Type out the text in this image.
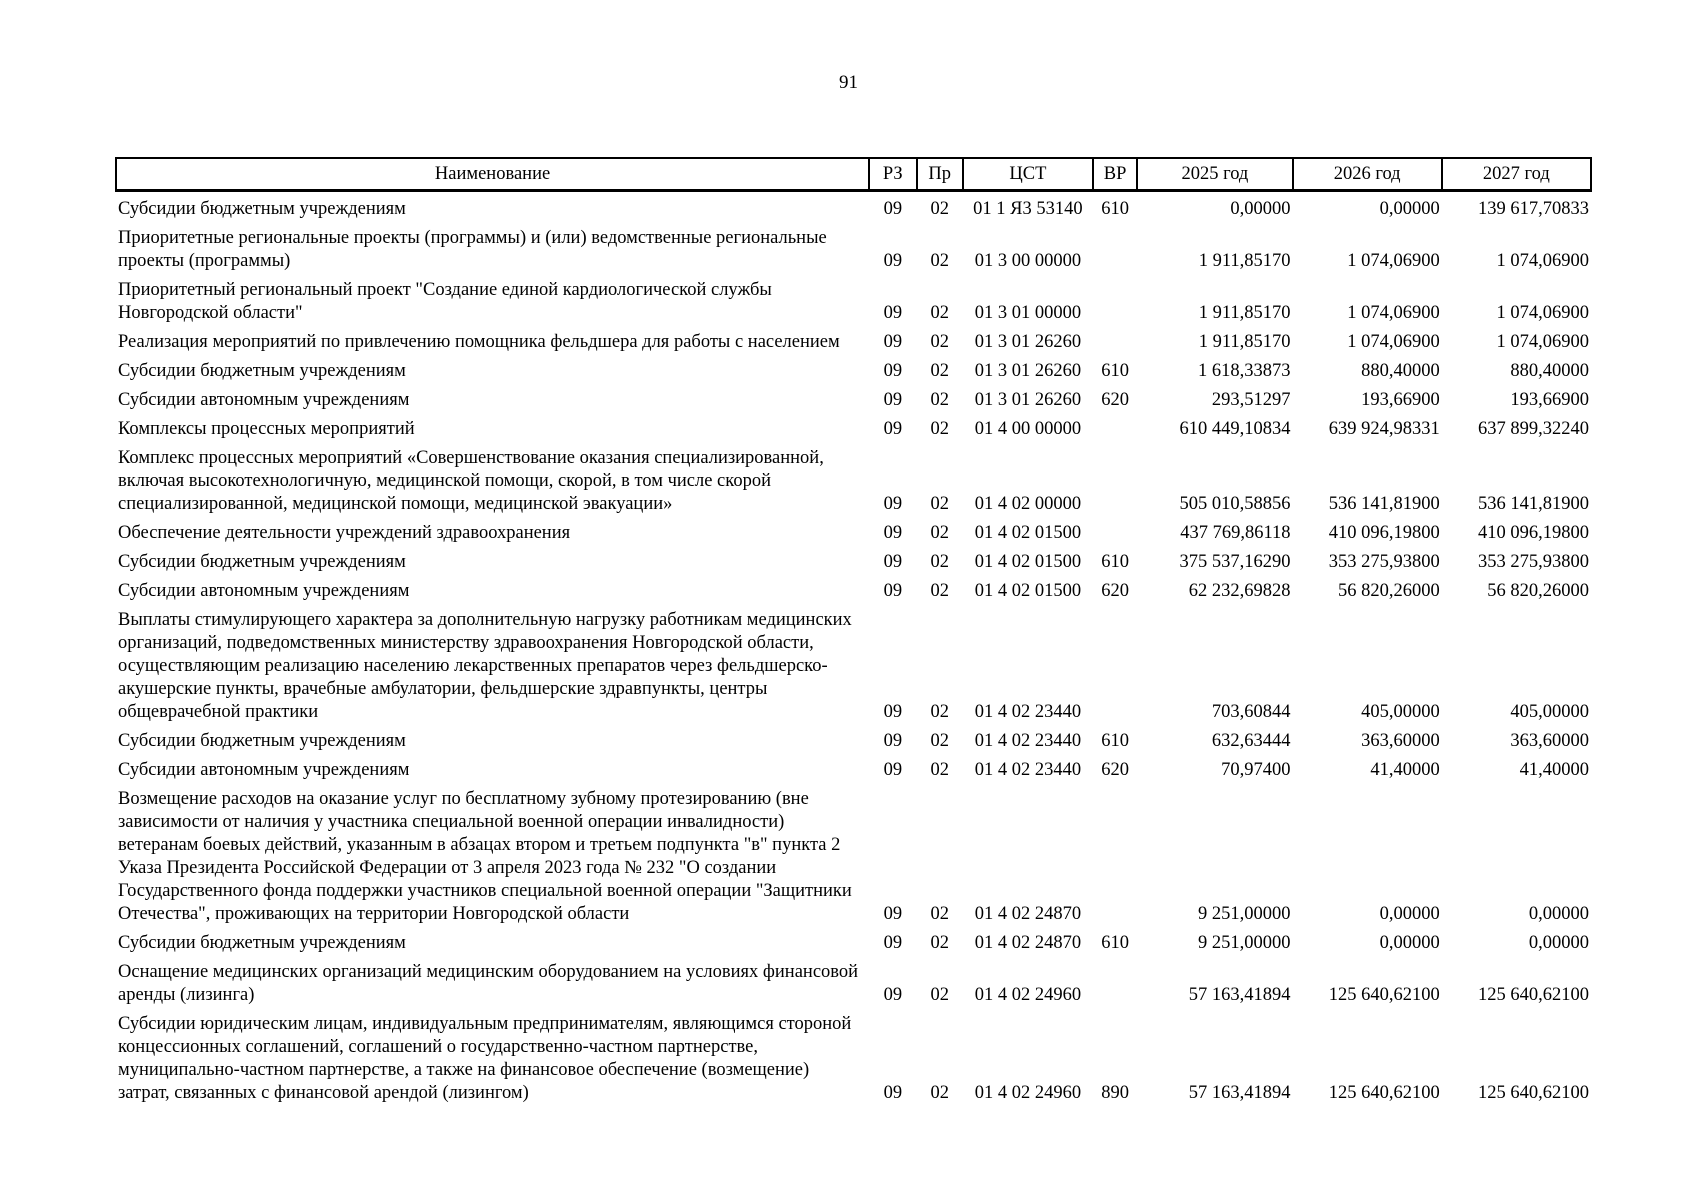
91
Наименование	РЗ	Пр	ЦСТ	ВР	2025 год	2026 год	2027 год
Субсидии бюджетным учреждениям	09	02	01 1 Я3 53140	610	0,00000	0,00000	139 617,70833
Приоритетные региональные проекты (программы) и (или) ведомственные региональные проекты (программы)	09	02	01 3 00 00000		1 911,85170	1 074,06900	1 074,06900
Приоритетный региональный проект "Создание единой кардиологической службы Новгородской области"	09	02	01 3 01 00000		1 911,85170	1 074,06900	1 074,06900
Реализация мероприятий по привлечению помощника фельдшера для работы с населением	09	02	01 3 01 26260		1 911,85170	1 074,06900	1 074,06900
Субсидии бюджетным учреждениям	09	02	01 3 01 26260	610	1 618,33873	880,40000	880,40000
Субсидии автономным учреждениям	09	02	01 3 01 26260	620	293,51297	193,66900	193,66900
Комплексы процессных мероприятий	09	02	01 4 00 00000		610 449,10834	639 924,98331	637 899,32240
Комплекс процессных мероприятий «Совершенствование оказания специализированной, включая высокотехнологичную, медицинской помощи, скорой, в том числе скорой специализированной, медицинской помощи, медицинской эвакуации»	09	02	01 4 02 00000		505 010,58856	536 141,81900	536 141,81900
Обеспечение деятельности учреждений здравоохранения	09	02	01 4 02 01500		437 769,86118	410 096,19800	410 096,19800
Субсидии бюджетным учреждениям	09	02	01 4 02 01500	610	375 537,16290	353 275,93800	353 275,93800
Субсидии автономным учреждениям	09	02	01 4 02 01500	620	62 232,69828	56 820,26000	56 820,26000
Выплаты стимулирующего характера за дополнительную нагрузку работникам медицинских организаций, подведомственных министерству здравоохранения Новгородской области, осуществляющим реализацию населению лекарственных препаратов через фельдшерско-акушерские пункты, врачебные амбулатории, фельдшерские здравпункты, центры общеврачебной практики	09	02	01 4 02 23440		703,60844	405,00000	405,00000
Субсидии бюджетным учреждениям	09	02	01 4 02 23440	610	632,63444	363,60000	363,60000
Субсидии автономным учреждениям	09	02	01 4 02 23440	620	70,97400	41,40000	41,40000
Возмещение расходов на оказание услуг по бесплатному зубному протезированию (вне зависимости от наличия у участника специальной военной операции инвалидности) ветеранам боевых действий, указанным в абзацах втором и третьем подпункта "в" пункта 2 Указа Президента Российской Федерации от 3 апреля 2023 года № 232 "О создании Государственного фонда поддержки участников специальной военной операции "Защитники Отечества", проживающих на территории Новгородской области	09	02	01 4 02 24870		9 251,00000	0,00000	0,00000
Субсидии бюджетным учреждениям	09	02	01 4 02 24870	610	9 251,00000	0,00000	0,00000
Оснащение медицинских организаций медицинским оборудованием на условиях финансовой аренды (лизинга)	09	02	01 4 02 24960		57 163,41894	125 640,62100	125 640,62100
Субсидии юридическим лицам, индивидуальным предпринимателям, являющимся стороной концессионных соглашений, соглашений о государственно-частном партнерстве, муниципально-частном партнерстве, а также на финансовое обеспечение (возмещение) затрат, связанных с финансовой арендой (лизингом)	09	02	01 4 02 24960	890	57 163,41894	125 640,62100	125 640,62100
